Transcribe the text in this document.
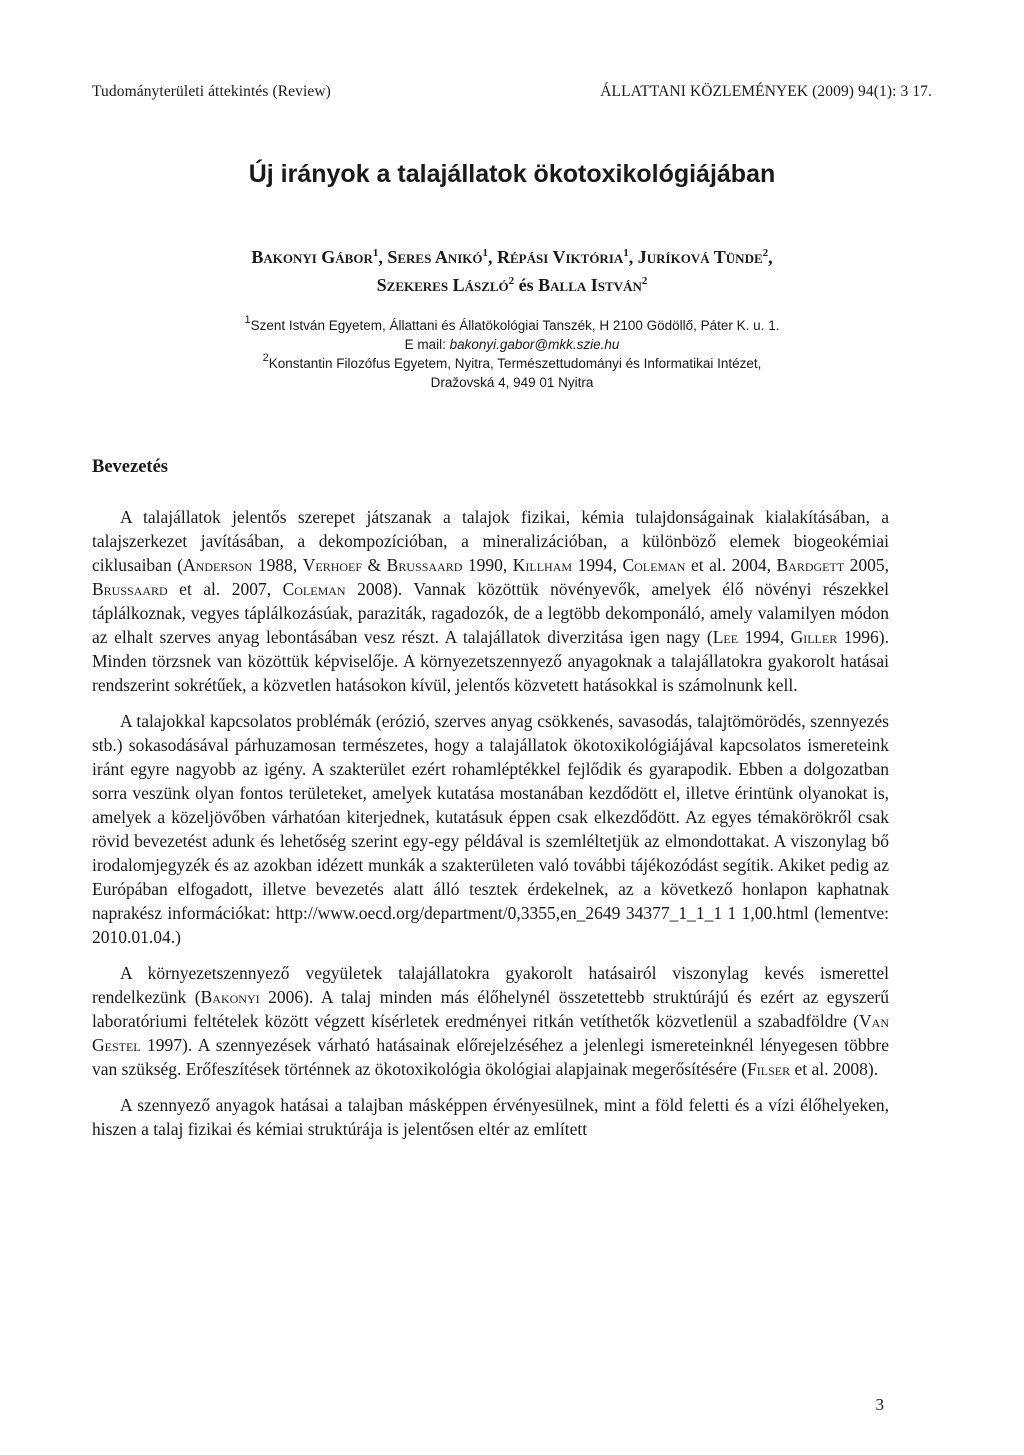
Tudományterületi áttekintés (Review)	ÁLLATTANI KÖZLEMÉNYEK (2009) 94(1): 3 17.
Új irányok a talajállatok ökotoxikológiájában
Bakonyi Gábor$^1$, Seres Anikó$^1$, Répási Viktória$^1$, Juríková Tünde$^2$,
Szekeres László$^2$ és Balla István$^2$
$^1$Szent István Egyetem, Állattani és Állatökológiai Tanszék, H 2100 Gödöllő, Páter K. u. 1.
E mail: bakonyi.gabor@mkk.szie.hu
$^2$Konstantin Filozófus Egyetem, Nyitra, Természettudományi és Informatikai Intézet,
Dražovská 4, 949 01 Nyitra
Bevezetés

A talajállatok jelentős szerepet játszanak a talajok fizikai, kémia tulajdonságainak kialakításában, a talajszerkezet javításában, a dekompozícióban, a mineralizációban, a különböző elemek biogeokémiai ciklusaiban (Anderson 1988, Verhoef & Brussaard 1990, Killham 1994, Coleman et al. 2004, Bardgett 2005, Brussaard et al. 2007, Coleman 2008). Vannak közöttük növényevők, amelyek élő növényi részekkel táplálkoznak, vegyes táplálkozásúak, paraziták, ragadozók, de a legtöbb dekomponáló, amely valamilyen módon az elhalt szerves anyag lebontásában vesz részt. A talajállatok diverzitása igen nagy (Lee 1994, Giller 1996). Minden törzsnek van közöttük képviselője. A környezetszennyező anyagoknak a talajállatokra gyakorolt hatásai rendszerint sokrétűek, a közvetlen hatásokon kívül, jelentős közvetett hatásokkal is számolnunk kell.

A talajokkal kapcsolatos problémák (erózió, szerves anyag csökkenés, savasodás, talajtömörödés, szennyezés stb.) sokasodásával párhuzamosan természetes, hogy a talajállatok ökotoxikológiájával kapcsolatos ismereteink iránt egyre nagyobb az igény. A szakterület ezért rohamléptékkel fejlődik és gyarapodik. Ebben a dolgozatban sorra veszünk olyan fontos területeket, amelyek kutatása mostanában kezdődött el, illetve érintünk olyanokat is, amelyek a közeljövőben várhatóan kiterjednek, kutatásuk éppen csak elkezdődött. Az egyes témakörökről csak rövid bevezetést adunk és lehetőség szerint egy-egy példával is szemléltetjük az elmondottakat. A viszonylag bő irodalomjegyzék és az azokban idézett munkák a szakterületen való további tájékozódást segítik. Akiket pedig az Európában elfogadott, illetve bevezetés alatt álló tesztek érdekelnek, az a következő honlapon kaphatnak naprakész információkat: http://www.oecd.org/department/0,3355,en_2649 34377_1_1_1 1 1,00.html (lementve: 2010.01.04.)

A környezetszennyező vegyületek talajállatokra gyakorolt hatásairól viszonylag kevés ismerettel rendelkezünk (Bakonyi 2006). A talaj minden más élőhelynél összetettebb struktúrájú és ezért az egyszerű laboratóriumi feltételek között végzett kísérletek eredményei ritkán vetíthetők közvetlenül a szabadföldre (Van Gestel 1997). A szennyezések várható hatásainak előrejelzéséhez a jelenlegi ismereteinknél lényegesen többre van szükség. Erőfeszítések történnek az ökotoxikológia ökológiai alapjainak megerősítésére (Filser et al. 2008).

A szennyező anyagok hatásai a talajban másképpen érvényesülnek, mint a föld feletti és a vízi élőhelyeken, hiszen a talaj fizikai és kémiai struktúrája is jelentősen eltér az említett

3
